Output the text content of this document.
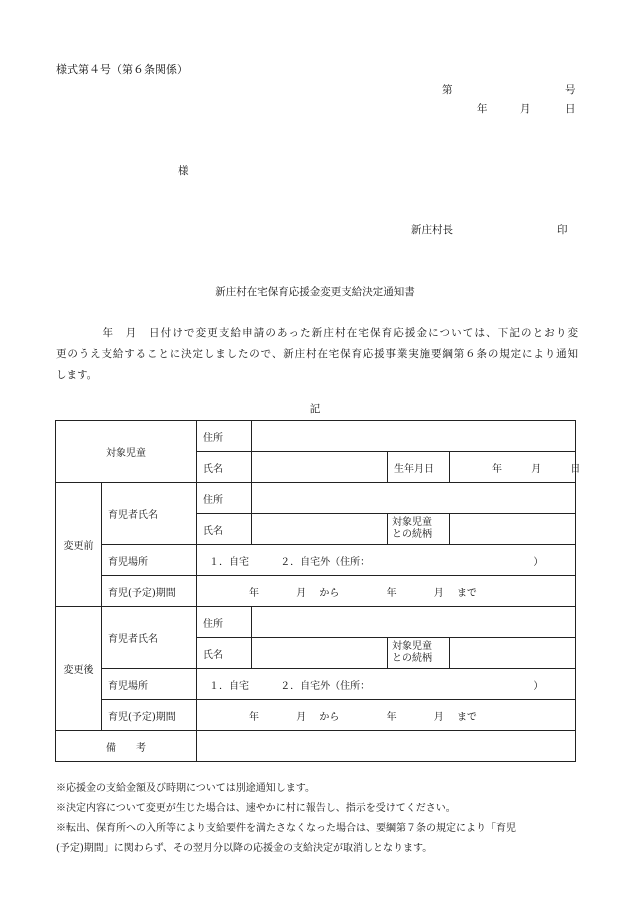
様式第４号（第６条関係）
第	号
年	月	日
様
新庄村長	印
新庄村在宅保育応援金変更支給決定通知書
　　　　年　月　日付けで変更支給申請のあった新庄村在宅保育応援金については、下記のとおり変
更のうえ支給することに決定しましたので、新庄村在宅保育応援事業実施要綱第６条の規定により通知
します。
記
対象児童		住所			
		氏名		生年月日	年 月 日
変更前	育児者氏名	住所			
		氏名		対象児童
との続柄	
	育児場所	１．自宅 ２．自宅外（住所： ）			
	育児(予定)期間	年 月 から 年 月 まで			
変更後	育児者氏名	住所			
		氏名		対象児童
との続柄	
	育児場所	１．自宅 ２．自宅外（住所： ）			
	育児(予定)期間	年 月 から 年 月 まで			
備　　考					
※応援金の支給金額及び時期については別途通知します。
※決定内容について変更が生じた場合は、速やかに村に報告し、指示を受けてください。
※転出、保育所への入所等により支給要件を満たさなくなった場合は、要綱第７条の規定により「育児
(予定)期間」に関わらず、その翌月分以降の応援金の支給決定が取消しとなります。
